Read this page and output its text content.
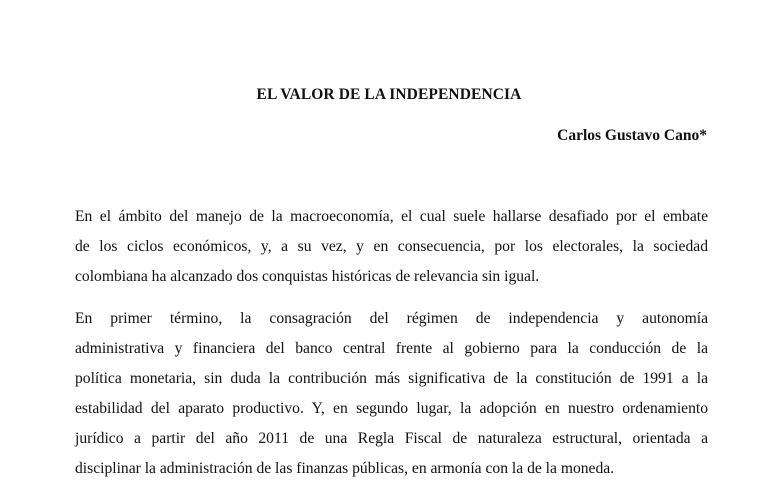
EL VALOR DE LA INDEPENDENCIA

Carlos Gustavo Cano*

En el ámbito del manejo de la macroeconomía, el cual suele hallarse desafiado por el embate
de los ciclos económicos, y, a su vez, y en consecuencia, por los electorales, la sociedad
colombiana ha alcanzado dos conquistas históricas de relevancia sin igual.

En primer término, la consagración del régimen de independencia y autonomía
administrativa y financiera del banco central frente al gobierno para la conducción de la
política monetaria, sin duda la contribución más significativa de la constitución de 1991 a la
estabilidad del aparato productivo. Y, en segundo lugar, la adopción en nuestro ordenamiento
jurídico a partir del año 2011 de una Regla Fiscal de naturaleza estructural, orientada a
disciplinar la administración de las finanzas públicas, en armonía con la de la moneda.
